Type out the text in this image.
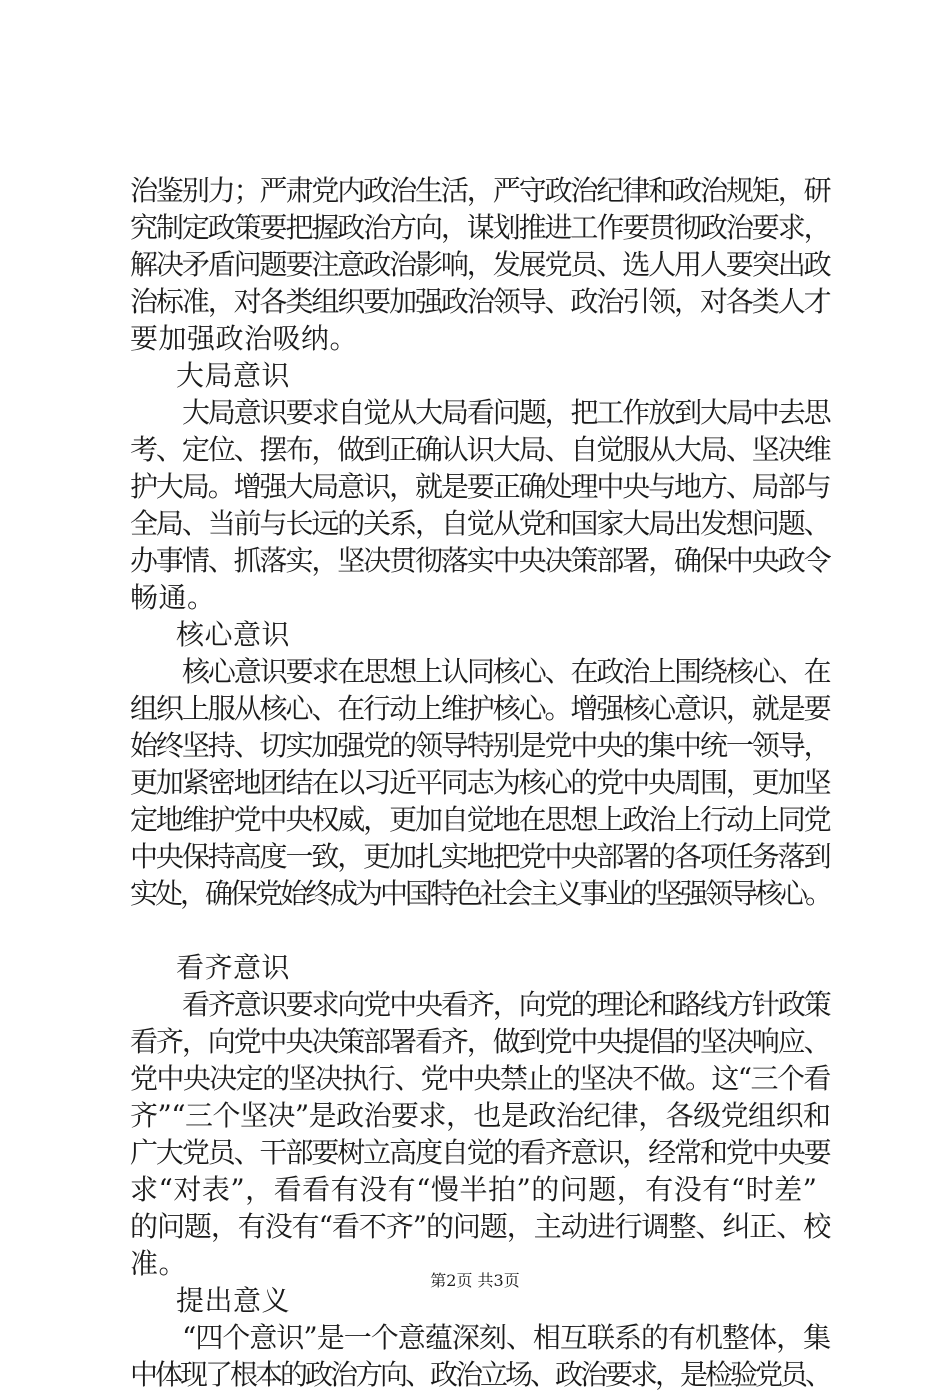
治鉴别力；严肃党内政治生活，严守政治纪律和政治规矩，研
究制定政策要把握政治方向，谋划推进工作要贯彻政治要求，
解决矛盾问题要注意政治影响，发展党员、选人用人要突出政
治标准，对各类组织要加强政治领导、政治引领，对各类人才
要加强政治吸纳。
大局意识
大局意识要求自觉从大局看问题，把工作放到大局中去思
考、定位、摆布，做到正确认识大局、自觉服从大局、坚决维
护大局。增强大局意识，就是要正确处理中央与地方、局部与
全局、当前与长远的关系，自觉从党和国家大局出发想问题、
办事情、抓落实，坚决贯彻落实中央决策部署，确保中央政令
畅通。
核心意识
核心意识要求在思想上认同核心、在政治上围绕核心、在
组织上服从核心、在行动上维护核心。增强核心意识，就是要
始终坚持、切实加强党的领导特别是党中央的集中统一领导，
更加紧密地团结在以习近平同志为核心的党中央周围，更加坚
定地维护党中央权威，更加自觉地在思想上政治上行动上同党
中央保持高度一致，更加扎实地把党中央部署的各项任务落到
实处，确保党始终成为中国特色社会主义事业的坚强领导核心。
看齐意识
看齐意识要求向党中央看齐，向党的理论和路线方针政策
看齐，向党中央决策部署看齐，做到党中央提倡的坚决响应、
党中央决定的坚决执行、党中央禁止的坚决不做。这“三个看
齐”“三个坚决”是政治要求，也是政治纪律，各级党组织和
广大党员、干部要树立高度自觉的看齐意识，经常和党中央要
求“对表”，看看有没有“慢半拍”的问题，有没有“时差”
的问题，有没有“看不齐”的问题，主动进行调整、纠正、校
准。
提出意义
“四个意识”是一个意蕴深刻、相互联系的有机整体，集
中体现了根本的政治方向、政治立场、政治要求，是检验党员、
第2页 共3页
